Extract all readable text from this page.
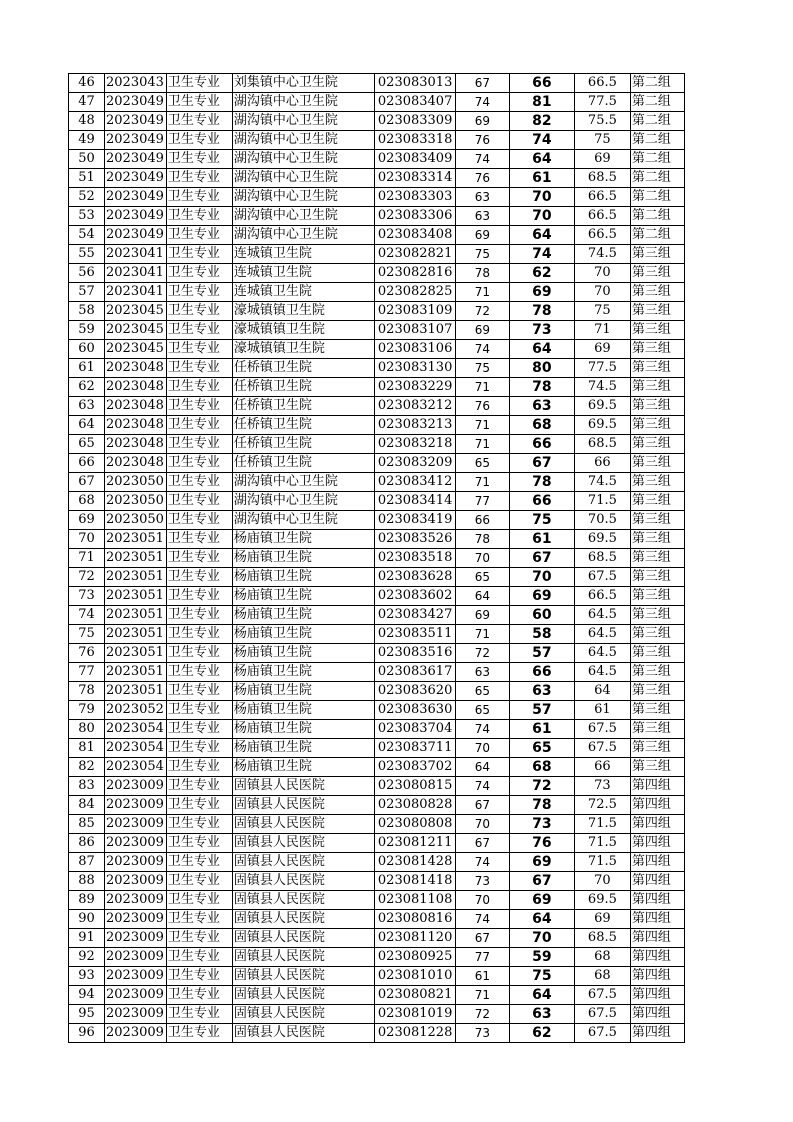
46	2023043	卫生专业	刘集镇中心卫生院	023083013	67	66	66.5	第二组
47	2023049	卫生专业	湖沟镇中心卫生院	023083407	74	81	77.5	第二组
48	2023049	卫生专业	湖沟镇中心卫生院	023083309	69	82	75.5	第二组
49	2023049	卫生专业	湖沟镇中心卫生院	023083318	76	74	75	第二组
50	2023049	卫生专业	湖沟镇中心卫生院	023083409	74	64	69	第二组
51	2023049	卫生专业	湖沟镇中心卫生院	023083314	76	61	68.5	第二组
52	2023049	卫生专业	湖沟镇中心卫生院	023083303	63	70	66.5	第二组
53	2023049	卫生专业	湖沟镇中心卫生院	023083306	63	70	66.5	第二组
54	2023049	卫生专业	湖沟镇中心卫生院	023083408	69	64	66.5	第二组
55	2023041	卫生专业	连城镇卫生院	023082821	75	74	74.5	第三组
56	2023041	卫生专业	连城镇卫生院	023082816	78	62	70	第三组
57	2023041	卫生专业	连城镇卫生院	023082825	71	69	70	第三组
58	2023045	卫生专业	濠城镇镇卫生院	023083109	72	78	75	第三组
59	2023045	卫生专业	濠城镇镇卫生院	023083107	69	73	71	第三组
60	2023045	卫生专业	濠城镇镇卫生院	023083106	74	64	69	第三组
61	2023048	卫生专业	任桥镇卫生院	023083130	75	80	77.5	第三组
62	2023048	卫生专业	任桥镇卫生院	023083229	71	78	74.5	第三组
63	2023048	卫生专业	任桥镇卫生院	023083212	76	63	69.5	第三组
64	2023048	卫生专业	任桥镇卫生院	023083213	71	68	69.5	第三组
65	2023048	卫生专业	任桥镇卫生院	023083218	71	66	68.5	第三组
66	2023048	卫生专业	任桥镇卫生院	023083209	65	67	66	第三组
67	2023050	卫生专业	湖沟镇中心卫生院	023083412	71	78	74.5	第三组
68	2023050	卫生专业	湖沟镇中心卫生院	023083414	77	66	71.5	第三组
69	2023050	卫生专业	湖沟镇中心卫生院	023083419	66	75	70.5	第三组
70	2023051	卫生专业	杨庙镇卫生院	023083526	78	61	69.5	第三组
71	2023051	卫生专业	杨庙镇卫生院	023083518	70	67	68.5	第三组
72	2023051	卫生专业	杨庙镇卫生院	023083628	65	70	67.5	第三组
73	2023051	卫生专业	杨庙镇卫生院	023083602	64	69	66.5	第三组
74	2023051	卫生专业	杨庙镇卫生院	023083427	69	60	64.5	第三组
75	2023051	卫生专业	杨庙镇卫生院	023083511	71	58	64.5	第三组
76	2023051	卫生专业	杨庙镇卫生院	023083516	72	57	64.5	第三组
77	2023051	卫生专业	杨庙镇卫生院	023083617	63	66	64.5	第三组
78	2023051	卫生专业	杨庙镇卫生院	023083620	65	63	64	第三组
79	2023052	卫生专业	杨庙镇卫生院	023083630	65	57	61	第三组
80	2023054	卫生专业	杨庙镇卫生院	023083704	74	61	67.5	第三组
81	2023054	卫生专业	杨庙镇卫生院	023083711	70	65	67.5	第三组
82	2023054	卫生专业	杨庙镇卫生院	023083702	64	68	66	第三组
83	2023009	卫生专业	固镇县人民医院	023080815	74	72	73	第四组
84	2023009	卫生专业	固镇县人民医院	023080828	67	78	72.5	第四组
85	2023009	卫生专业	固镇县人民医院	023080808	70	73	71.5	第四组
86	2023009	卫生专业	固镇县人民医院	023081211	67	76	71.5	第四组
87	2023009	卫生专业	固镇县人民医院	023081428	74	69	71.5	第四组
88	2023009	卫生专业	固镇县人民医院	023081418	73	67	70	第四组
89	2023009	卫生专业	固镇县人民医院	023081108	70	69	69.5	第四组
90	2023009	卫生专业	固镇县人民医院	023080816	74	64	69	第四组
91	2023009	卫生专业	固镇县人民医院	023081120	67	70	68.5	第四组
92	2023009	卫生专业	固镇县人民医院	023080925	77	59	68	第四组
93	2023009	卫生专业	固镇县人民医院	023081010	61	75	68	第四组
94	2023009	卫生专业	固镇县人民医院	023080821	71	64	67.5	第四组
95	2023009	卫生专业	固镇县人民医院	023081019	72	63	67.5	第四组
96	2023009	卫生专业	固镇县人民医院	023081228	73	62	67.5	第四组
